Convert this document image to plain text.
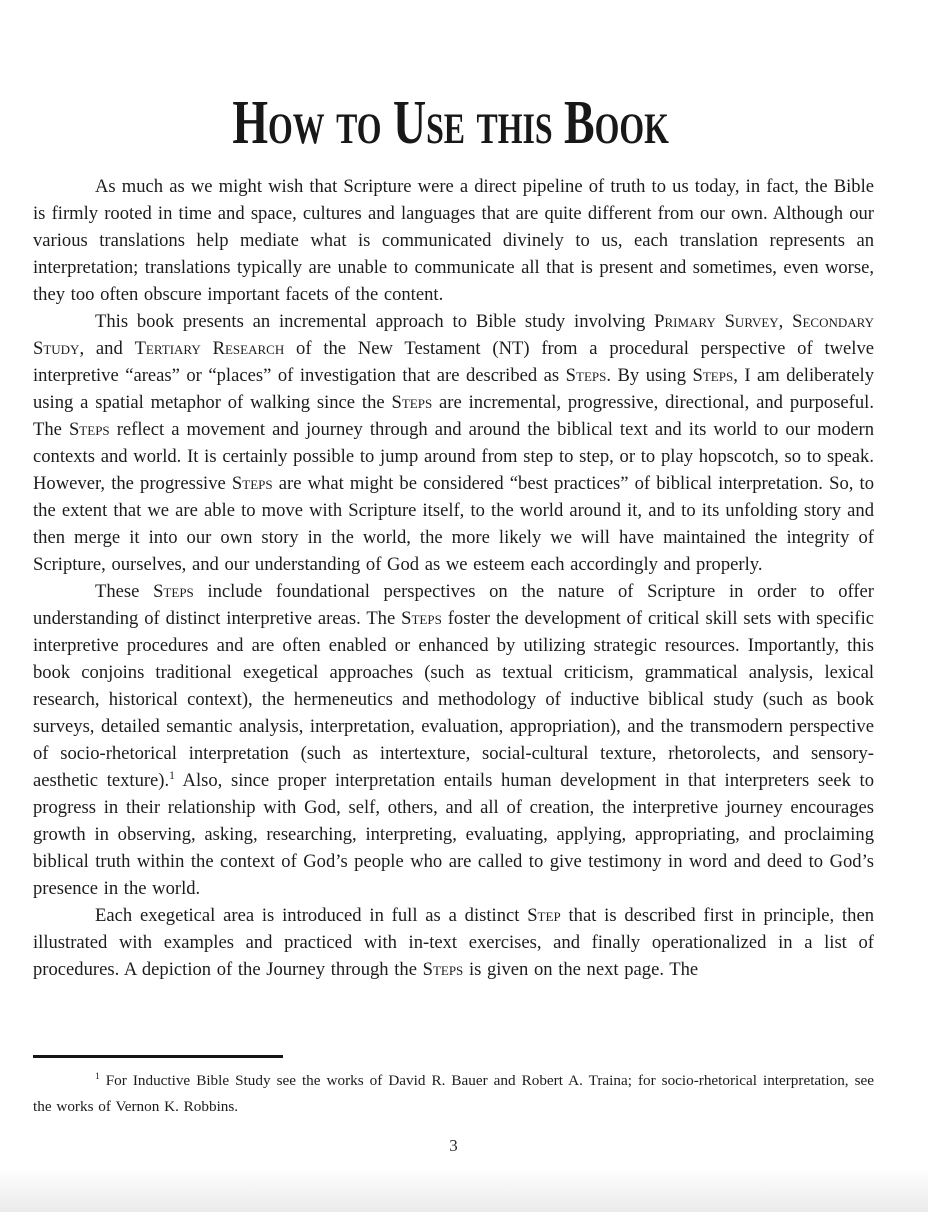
How to Use this Book

As much as we might wish that Scripture were a direct pipeline of truth to us today, in fact, the Bible is firmly rooted in time and space, cultures and languages that are quite different from our own. Although our various translations help mediate what is communicated divinely to us, each translation represents an interpretation; translations typically are unable to communicate all that is present and sometimes, even worse, they too often obscure important facets of the content.

This book presents an incremental approach to Bible study involving Primary Survey, Secondary Study, and Tertiary Research of the New Testament (NT) from a procedural perspective of twelve interpretive “areas” or “places” of investigation that are described as Steps. By using Steps, I am deliberately using a spatial metaphor of walking since the Steps are incremental, progressive, directional, and purposeful. The Steps reflect a movement and journey through and around the biblical text and its world to our modern contexts and world. It is certainly possible to jump around from step to step, or to play hopscotch, so to speak. However, the progressive Steps are what might be considered “best practices” of biblical interpretation. So, to the extent that we are able to move with Scripture itself, to the world around it, and to its unfolding story and then merge it into our own story in the world, the more likely we will have maintained the integrity of Scripture, ourselves, and our understanding of God as we esteem each accordingly and properly.

These Steps include foundational perspectives on the nature of Scripture in order to offer understanding of distinct interpretive areas. The Steps foster the development of critical skill sets with specific interpretive procedures and are often enabled or enhanced by utilizing strategic resources. Importantly, this book conjoins traditional exegetical approaches (such as textual criticism, grammatical analysis, lexical research, historical context), the hermeneutics and methodology of inductive biblical study (such as book surveys, detailed semantic analysis, interpretation, evaluation, appropriation), and the transmodern perspective of socio-rhetorical interpretation (such as intertexture, social-cultural texture, rhetorolects, and sensory-aesthetic texture).$^1$ Also, since proper interpretation entails human development in that interpreters seek to progress in their relationship with God, self, others, and all of creation, the interpretive journey encourages growth in observing, asking, researching, interpreting, evaluating, applying, appropriating, and proclaiming biblical truth within the context of God’s people who are called to give testimony in word and deed to God’s presence in the world.

Each exegetical area is introduced in full as a distinct Step that is described first in principle, then illustrated with examples and practiced with in-text exercises, and finally operationalized in a list of procedures. A depiction of the Journey through the Steps is given on the next page. The

$^1$ For Inductive Bible Study see the works of David R. Bauer and Robert A. Traina; for socio-rhetorical interpretation, see the works of Vernon K. Robbins.

3
